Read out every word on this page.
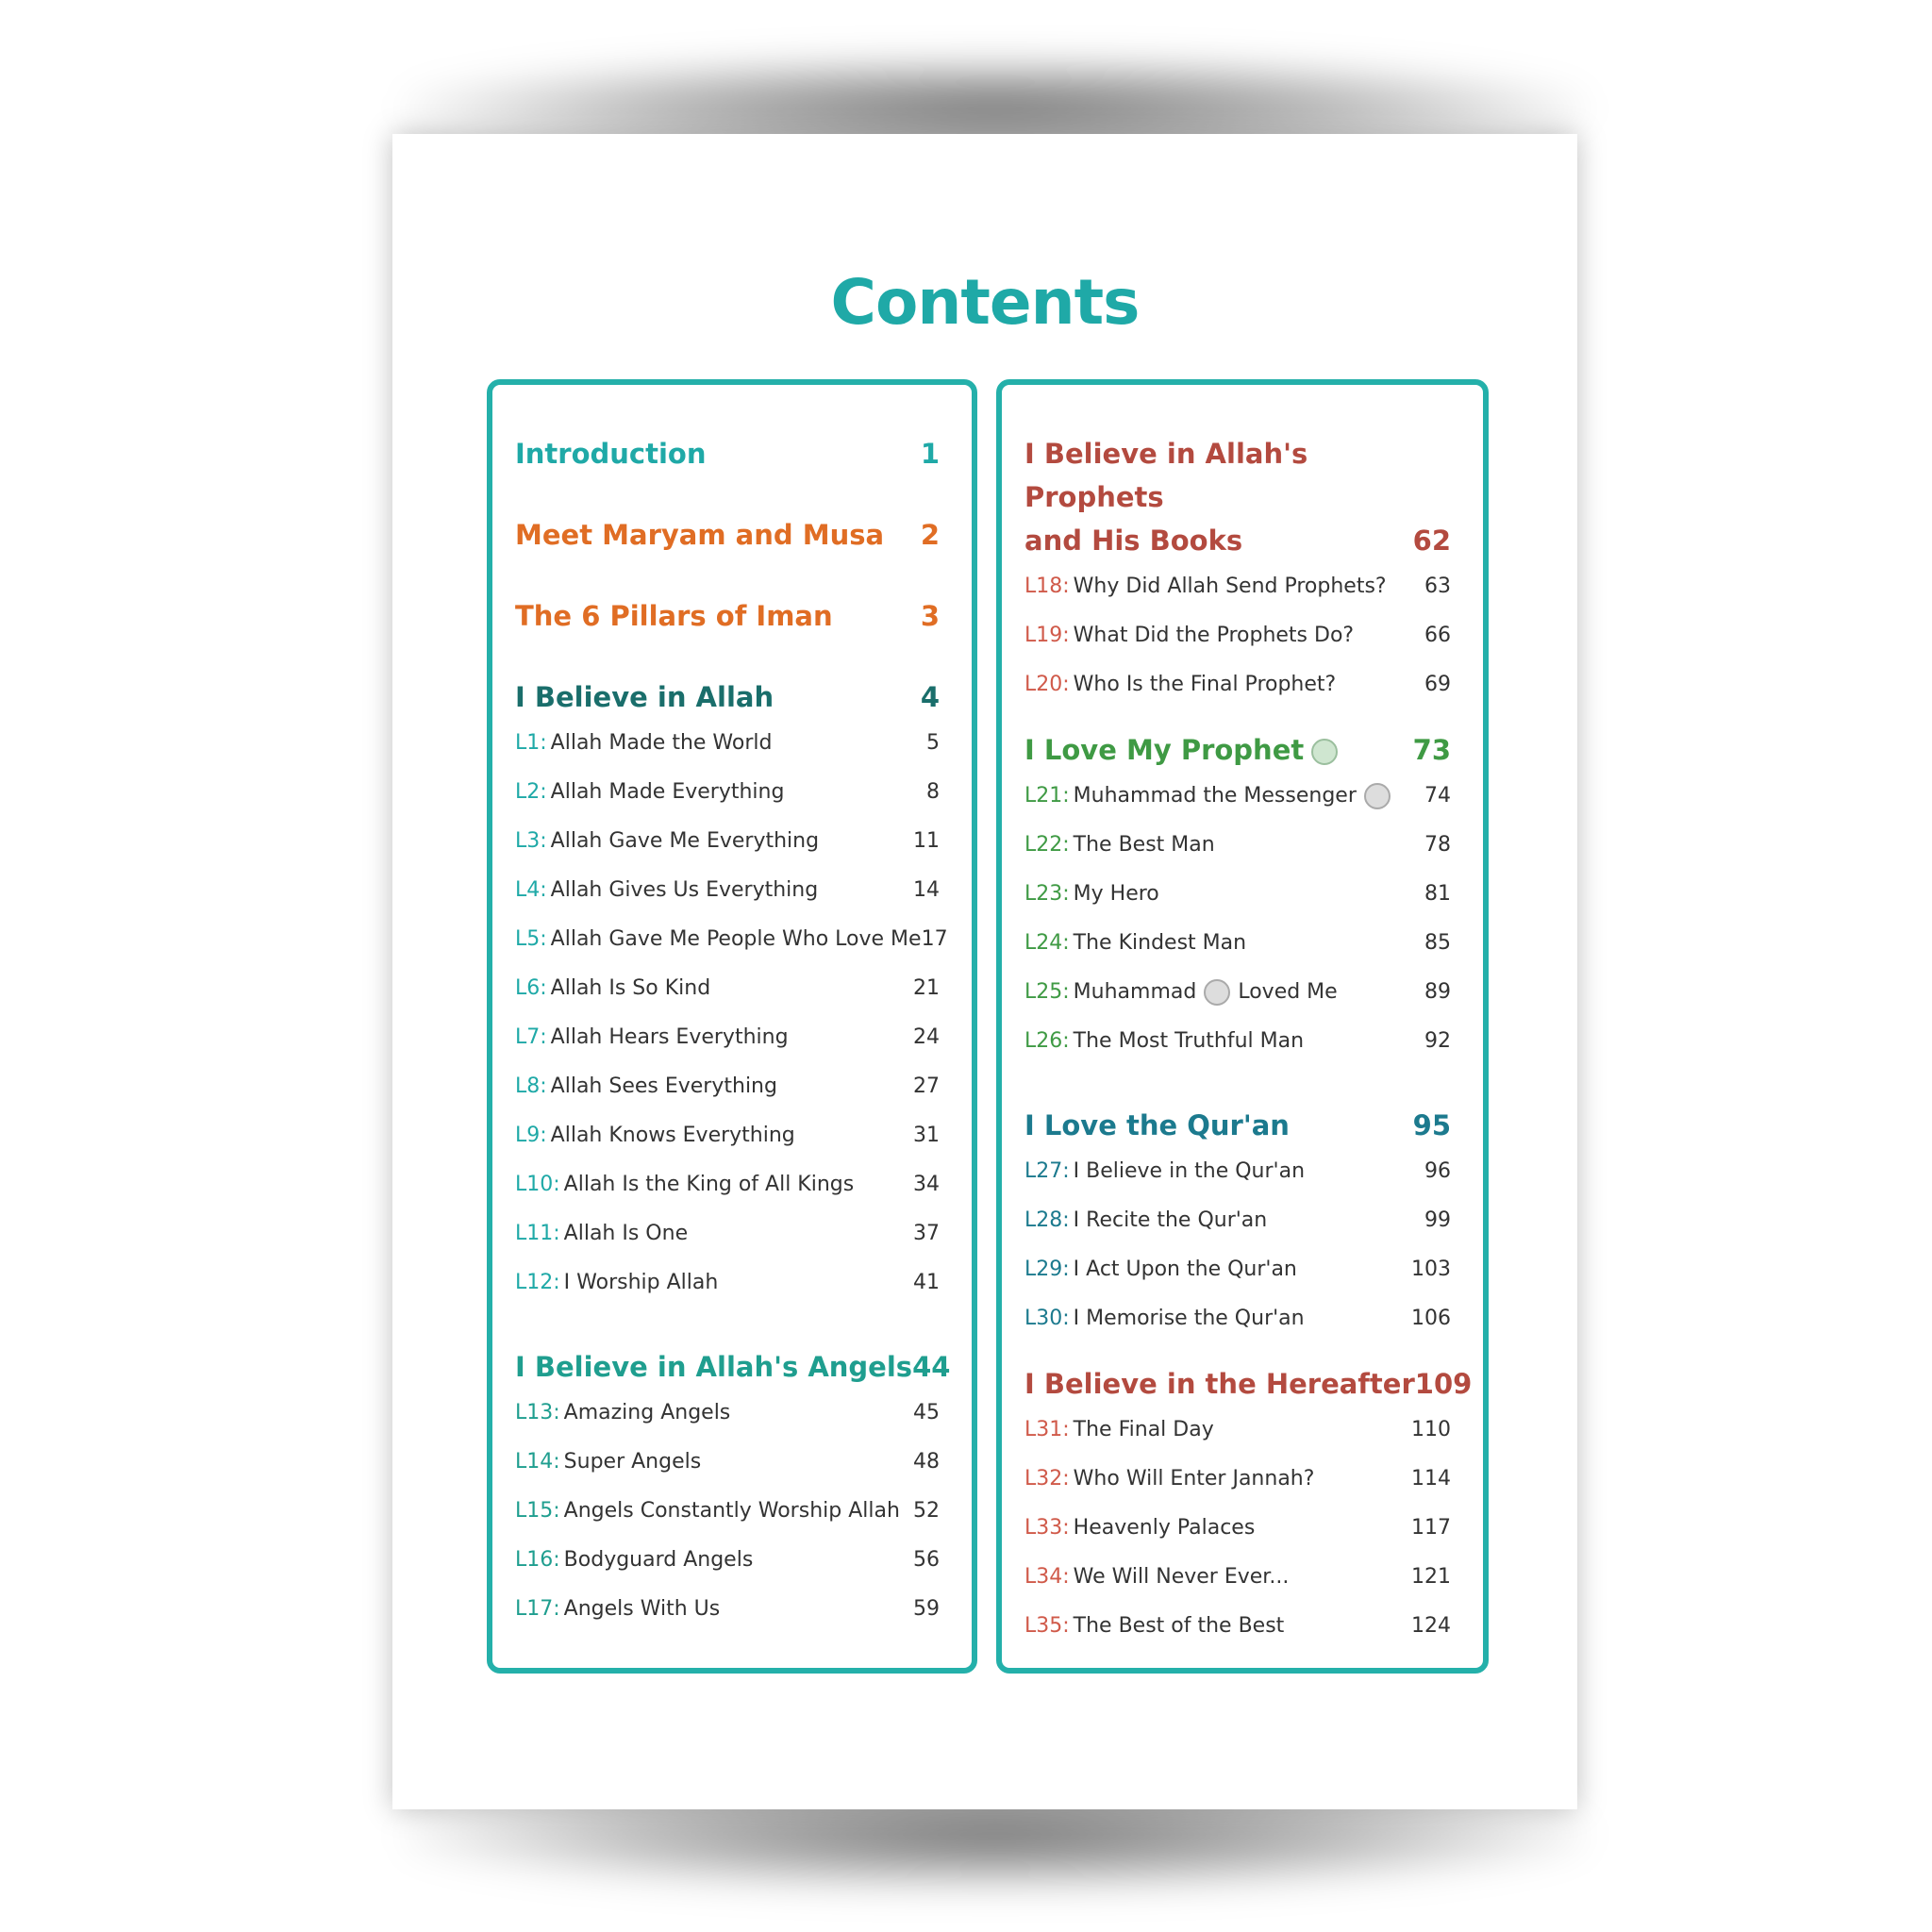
Contents
Introduction	1
Meet Maryam and Musa 2
The 6 Pillars of Iman	3
I Believe in Allah	4
L1: Allah Made the World	5
L2: Allah Made Everything	8
L3: Allah Gave Me Everything	11
L4: Allah Gives Us Everything	14
L5: Allah Gave Me People Who Love Me 17
L6: Allah Is So Kind	21
L7: Allah Hears Everything	24
L8: Allah Sees Everything	27
L9: Allah Knows Everything	31
L10: Allah Is the King of All Kings	34
L11: Allah Is One	37
L12: I Worship Allah	41
I Believe in Allah's Angels 44
L13: Amazing Angels	45
L14: Super Angels	48
L15: Angels Constantly Worship Allah 52
L16: Bodyguard Angels	56
L17: Angels With Us	59
I Believe in Allah's Prophets
and His Books	62
L18: Why Did Allah Send Prophets? 63
L19: What Did the Prophets Do?	66
L20: Who Is the Final Prophet?	69
I Love My Prophet	73
L21: Muhammad the Messenger	74
L22: The Best Man	78
L23: My Hero	81
L24: The Kindest Man	85
L25: Muhammad Loved Me	89
L26: The Most Truthful Man	92
I Love the Qur'an	95
L27: I Believe in the Qur'an	96
L28: I Recite the Qur'an	99
L29: I Act Upon the Qur'an	103
L30: I Memorise the Qur'an	106
I Believe in the Hereafter 109
L31: The Final Day	110
L32: Who Will Enter Jannah?	114
L33: Heavenly Palaces	117
L34: We Will Never Ever...	121
L35: The Best of the Best	124
